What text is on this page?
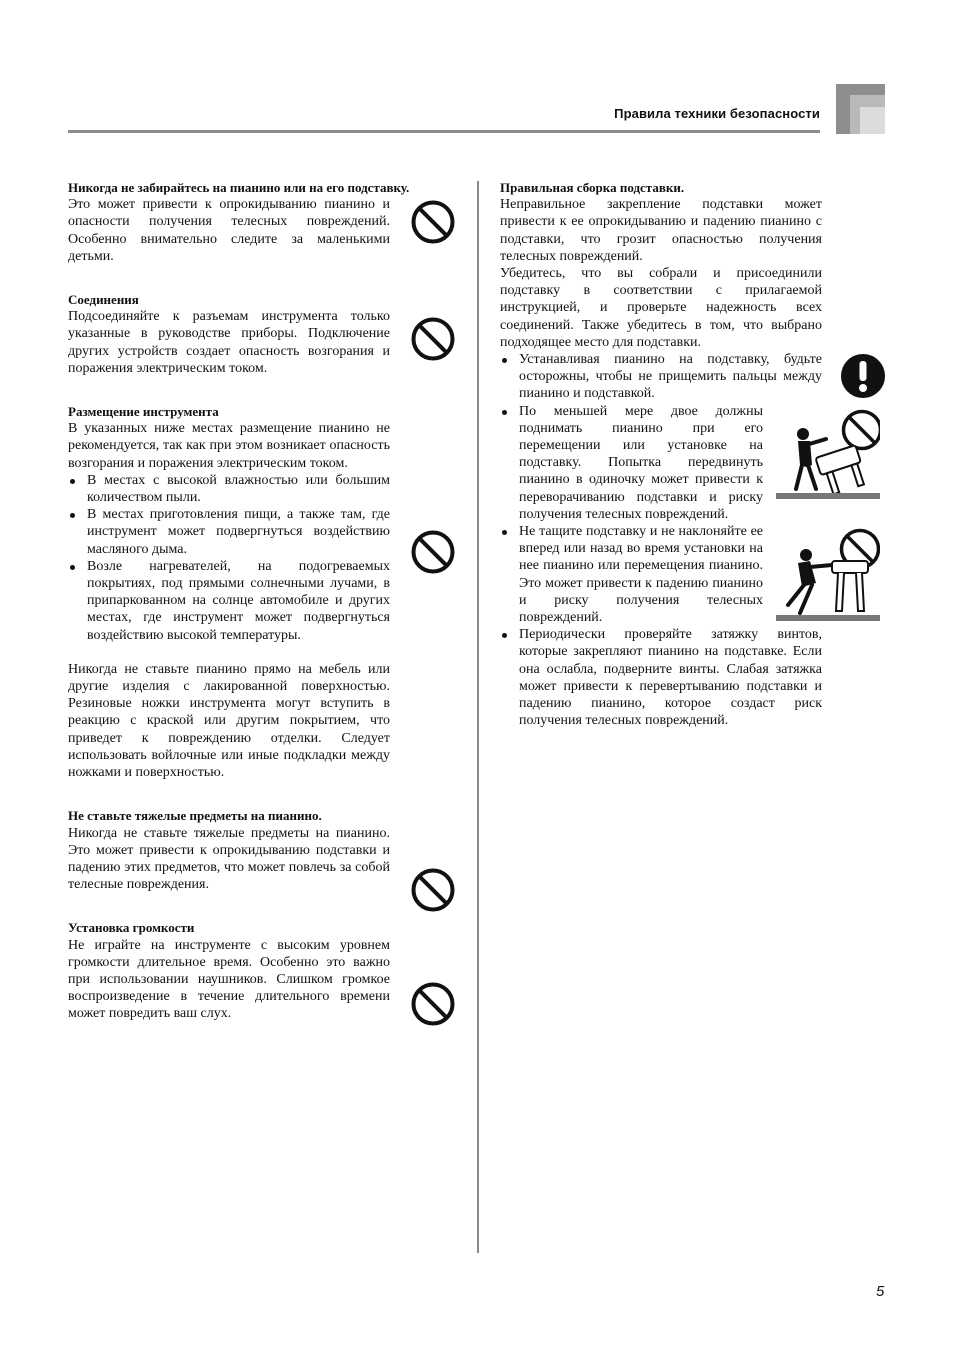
Правила техники безопасности
Никогда не забирайтесь на пианино или на его подставку.
Это может привести к опрокидыванию пианино и опасности получения телесных повреждений. Особенно внимательно следите за маленькими детьми.
Соединения
Подсоединяйте к разъемам инструмента только указанные в руководстве приборы. Подключение других устройств создает опасность возгорания и поражения электрическим током.
Размещение инструмента
В указанных ниже местах размещение пианино не рекомендуется, так как при этом возникает опасность возгорания и поражения электрическим током.
В местах с высокой влажностью или большим количеством пыли.
В местах приготовления пищи, а также там, где инструмент может подвергнуться воздействию масляного дыма.
Возле нагревателей, на подогреваемых покрытиях, под прямыми солнечными лучами, в припаркованном на солнце автомобиле и других местах, где инструмент может подвергнуться воздействию высокой температуры.
Никогда не ставьте пианино прямо на мебель или другие изделия с лакированной поверхностью. Резиновые ножки инструмента могут вступить в реакцию с краской или другим покрытием, что приведет к повреждению отделки. Следует использовать войлочные или иные подкладки между ножками и поверхностью.
Не ставьте тяжелые предметы на пианино.
Никогда не ставьте тяжелые предметы на пианино. Это может привести к опрокидыванию подставки и падению этих предметов, что может повлечь за собой телесные повреждения.
Установка громкости
Не играйте на инструменте с высоким уровнем громкости длительное время. Особенно это важно при использовании наушников. Слишком громкое воспроизведение в течение длительного времени может повредить ваш слух.
Правильная сборка подставки.
Неправильное закрепление подставки может привести к ее опрокидыванию и падению пианино с подставки, что грозит опасностью получения телесных повреждений.
Убедитесь, что вы собрали и присоединили подставку в соответствии с прилагаемой инструкцией, и проверьте надежность всех соединений. Также убедитесь в том, что выбрано подходящее место для подставки.
Устанавливая пианино на подставку, будьте осторожны, чтобы не прищемить пальцы между пианино и подставкой.
По меньшей мере двое должны поднимать пианино при его перемещении или установке на подставку. Попытка передвинуть пианино в одиночку может привести к переворачиванию подставки и риску получения телесных повреждений.
Не тащите подставку и не наклоняйте ее вперед или назад во время установки на нее пианино или перемещения пианино. Это может привести к падению пианино и риску получения телесных повреждений.
Периодически проверяйте затяжку винтов, которые закрепляют пианино на подставке. Если она ослабла, подверните винты. Слабая затяжка может привести к перевертыванию подставки и падению пианино, которое создаст риск получения телесных повреждений.
5
